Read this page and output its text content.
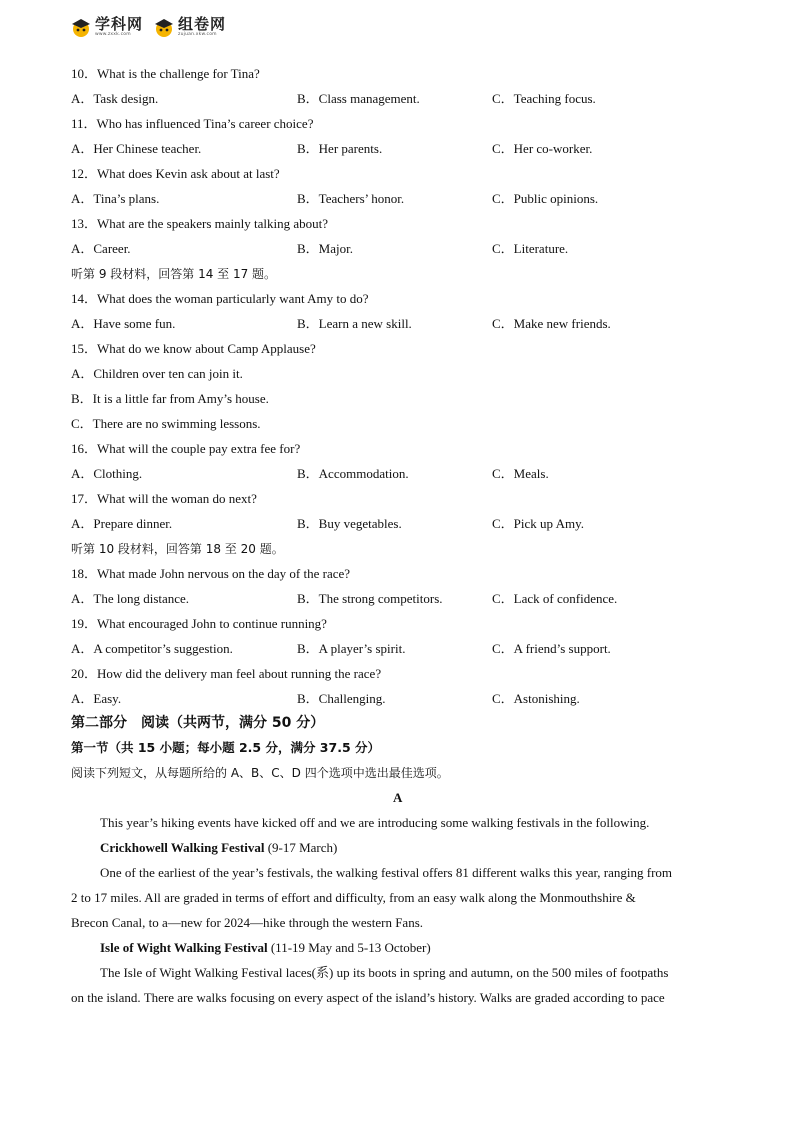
学科网
www.zxxk.com
组卷网
zujuan.xkw.com
10．What is the challenge for Tina?
A．Task design.	B．Class management.	C．Teaching focus.
11．Who has influenced Tina’s career choice?
A．Her Chinese teacher.	B．Her parents.	C．Her co-worker.
12．What does Kevin ask about at last?
A．Tina’s plans.	B．Teachers’ honor.	C．Public opinions.
13．What are the speakers mainly talking about?
A．Career.	B．Major.	C．Literature.
听第 9 段材料，回答第 14 至 17 题。
14．What does the woman particularly want Amy to do?
A．Have some fun.	B．Learn a new skill.	C．Make new friends.
15．What do we know about Camp Applause?
A．Children over ten can join it.
B．It is a little far from Amy’s house.
C．There are no swimming lessons.
16．What will the couple pay extra fee for?
A．Clothing.	B．Accommodation.	C．Meals.
17．What will the woman do next?
A．Prepare dinner.	B．Buy vegetables.	C．Pick up Amy.
听第 10 段材料，回答第 18 至 20 题。
18．What made John nervous on the day of the race?
A．The long distance.	B．The strong competitors.	C．Lack of confidence.
19．What encouraged John to continue running?
A．A competitor’s suggestion.	B．A player’s spirit.	C．A friend’s support.
20．How did the delivery man feel about running the race?
A．Easy.	B．Challenging.	C．Astonishing.
第二部分　阅读（共两节，满分 50 分）
第一节（共 15 小题；每小题 2.5 分，满分 37.5 分）
阅读下列短文，从每题所给的 A、B、C、D 四个选项中选出最佳选项。
A
This year’s hiking events have kicked off and we are introducing some walking festivals in the following.
Crickhowell Walking Festival (9-17 March)
One of the earliest of the year’s festivals, the walking festival offers 81 different walks this year, ranging from
2 to 17 miles. All are graded in terms of effort and difficulty, from an easy walk along the Monmouthshire &
Brecon Canal, to a—new for 2024—hike through the western Fans.
Isle of Wight Walking Festival (11-19 May and 5-13 October)
The Isle of Wight Walking Festival laces(系) up its boots in spring and autumn, on the 500 miles of footpaths
on the island. There are walks focusing on every aspect of the island’s history. Walks are graded according to pace
